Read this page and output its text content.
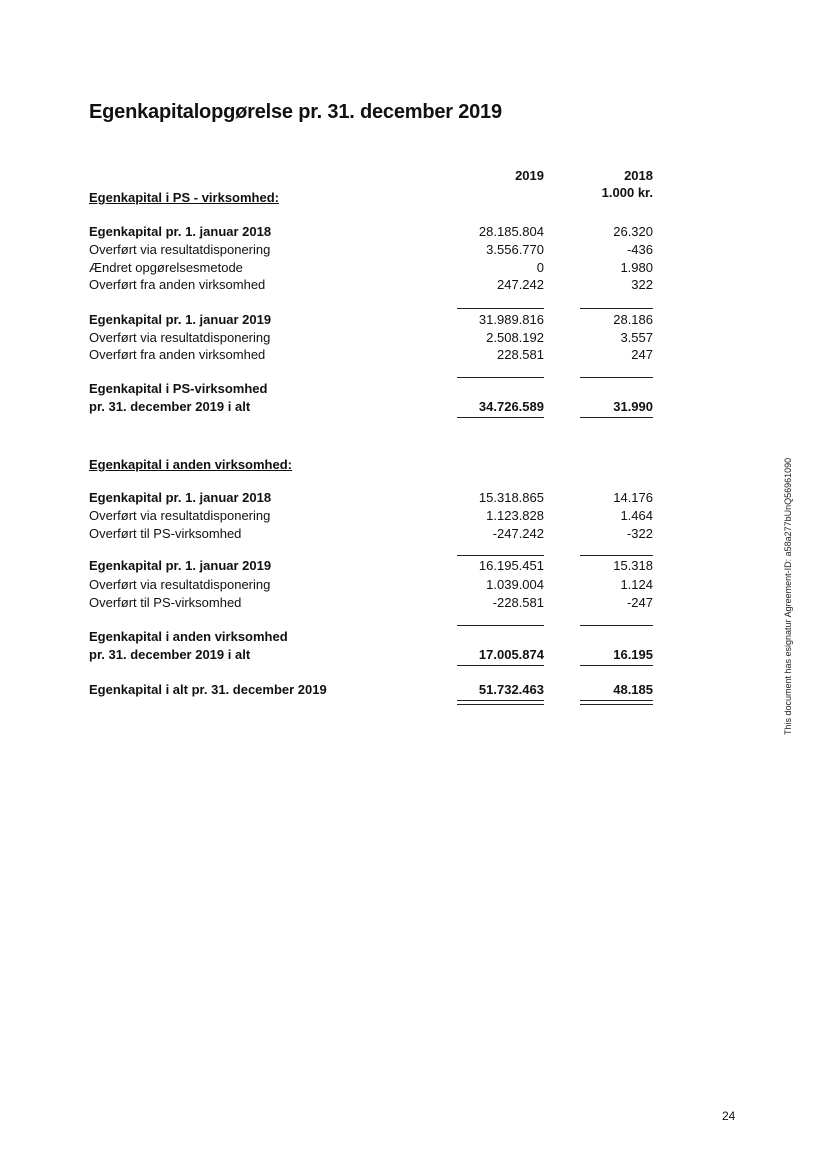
Egenkapitalopgørelse pr. 31. december 2019
2019	2018
1.000 kr.
Egenkapital i PS - virksomhed:
Egenkapital pr. 1. januar 2018	28.185.804	26.320
Overført via resultatdisponering	3.556.770	-436
Ændret opgørelsesmetode	0	1.980
Overført fra anden virksomhed	247.242	322
Egenkapital pr. 1. januar 2019	31.989.816	28.186
Overført via resultatdisponering	2.508.192	3.557
Overført fra anden virksomhed	228.581	247
Egenkapital i PS-virksomhed
pr. 31. december 2019 i alt	34.726.589	31.990
Egenkapital i anden virksomhed:
Egenkapital pr. 1. januar 2018	15.318.865	14.176
Overført via resultatdisponering	1.123.828	1.464
Overført til PS-virksomhed	-247.242	-322
Egenkapital pr. 1. januar 2019	16.195.451	15.318
Overført via resultatdisponering	1.039.004	1.124
Overført til PS-virksomhed	-228.581	-247
Egenkapital i anden virksomhed
pr. 31. december 2019 i alt	17.005.874	16.195
Egenkapital i alt pr. 31. december 2019	51.732.463	48.185	This document has esignatur Agreement-ID: a58a277bUnQ56961090
24
